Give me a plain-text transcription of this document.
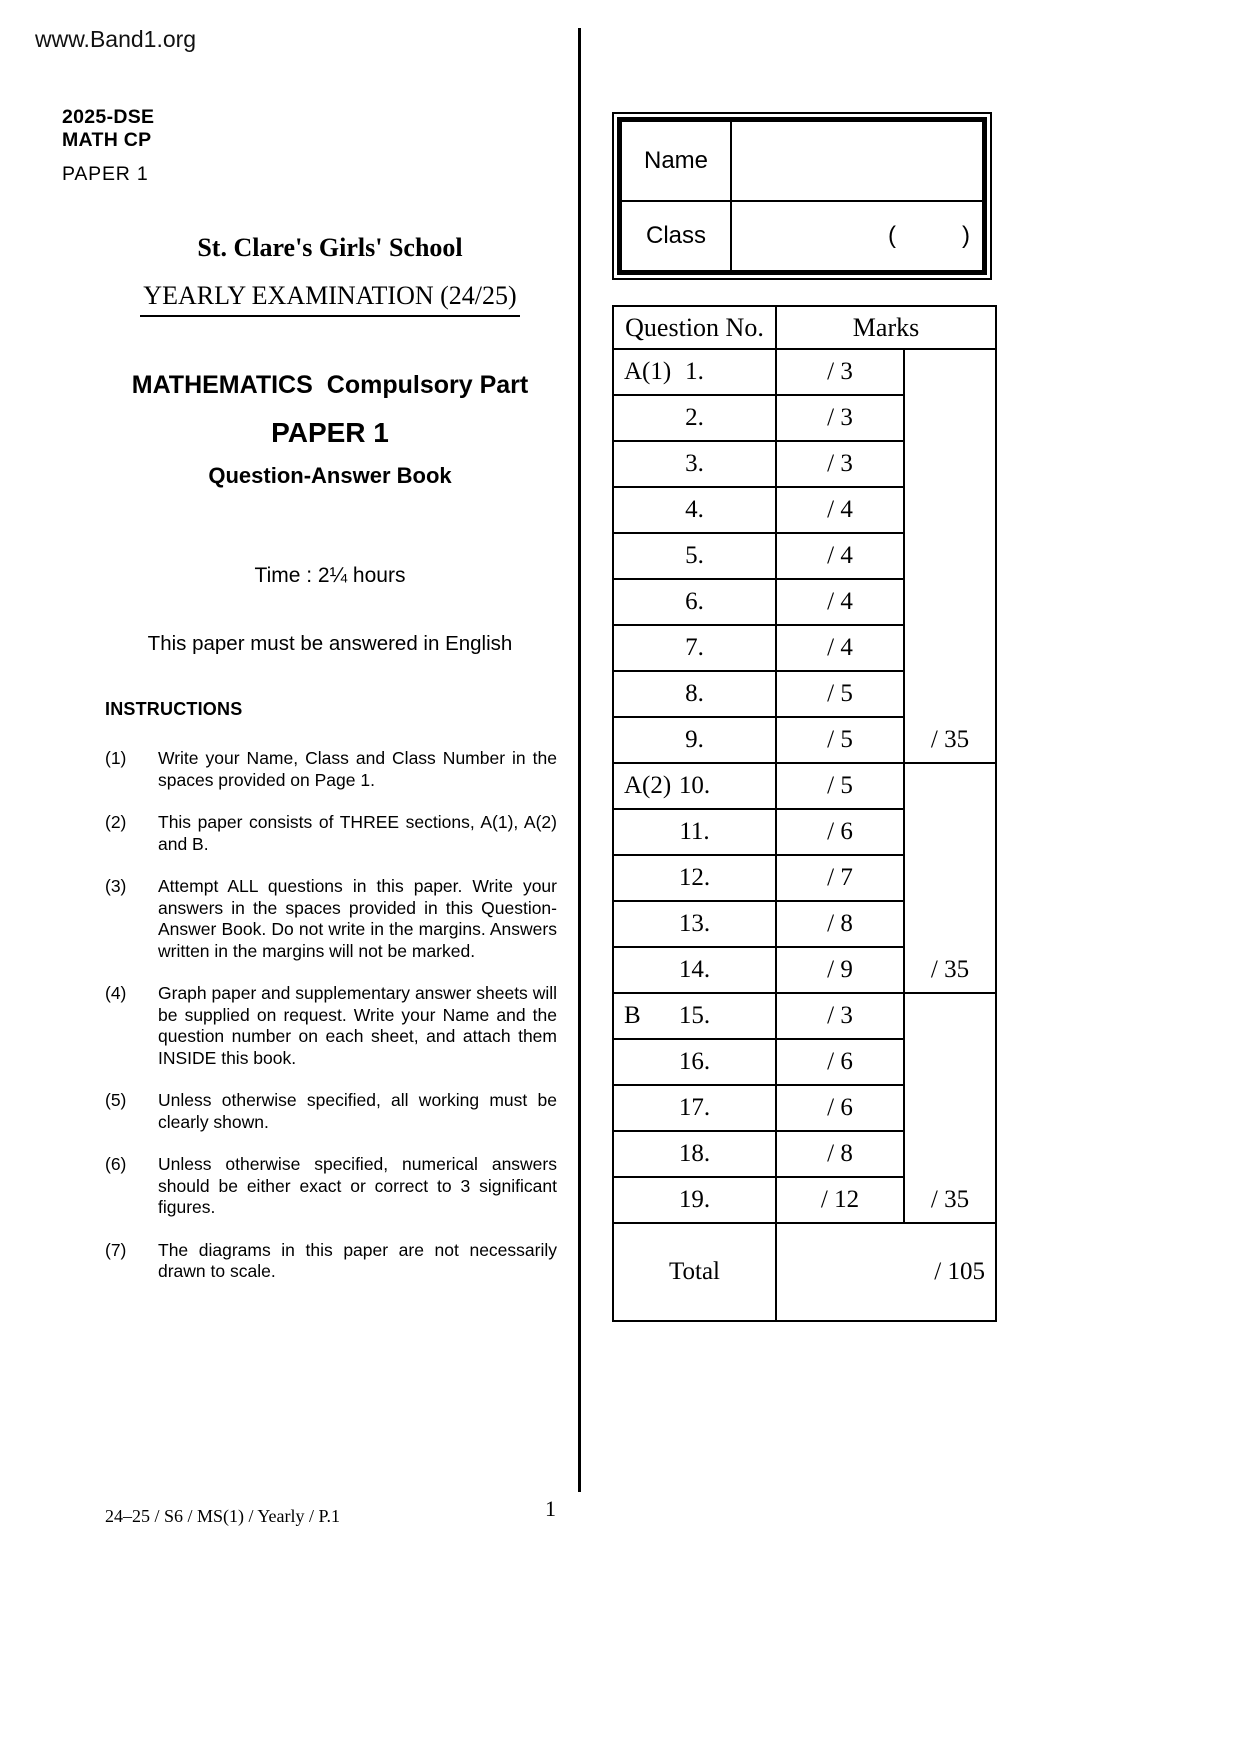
www.Band1.org
2025-DSE
MATH CP
PAPER 1
St. Clare's Girls' School
YEARLY EXAMINATION (24/25)
MATHEMATICS Compulsory Part
PAPER 1
Question-Answer Book
Time : 2¼ hours
This paper must be answered in English
INSTRUCTIONS
(1)	Write your Name, Class and Class Number in the spaces provided on Page 1.
(2)	This paper consists of THREE sections, A(1), A(2) and B.
(3)	Attempt ALL questions in this paper. Write your answers in the spaces provided in this Question-Answer Book. Do not write in the margins. Answers written in the margins will not be marked.
(4)	Graph paper and supplementary answer sheets will be supplied on request. Write your Name and the question number on each sheet, and attach them INSIDE this book.
(5)	Unless otherwise specified, all working must be clearly shown.
(6)	Unless otherwise specified, numerical answers should be either exact or correct to 3 significant figures.
(7)	The diagrams in this paper are not necessarily drawn to scale.
Name
Class	(	)
Question No.	Marks	

A(1) 1.	/ 3	/ 35
2.	/ 3	
3.	/ 3	
4.	/ 4	
5.	/ 4	
6.	/ 4	
7.	/ 4	
8.	/ 5	
9.	/ 5	

A(2) 10.	/ 5	/ 35
11.	/ 6	
12.	/ 7	
13.	/ 8	
14.	/ 9	

B 15.	/ 3	/ 35
16.	/ 6	
17.	/ 6	
18.	/ 8	
19.	/ 12	
Total	/ 105	
24–25 / S6 / MS(1) / Yearly / P.1	1
